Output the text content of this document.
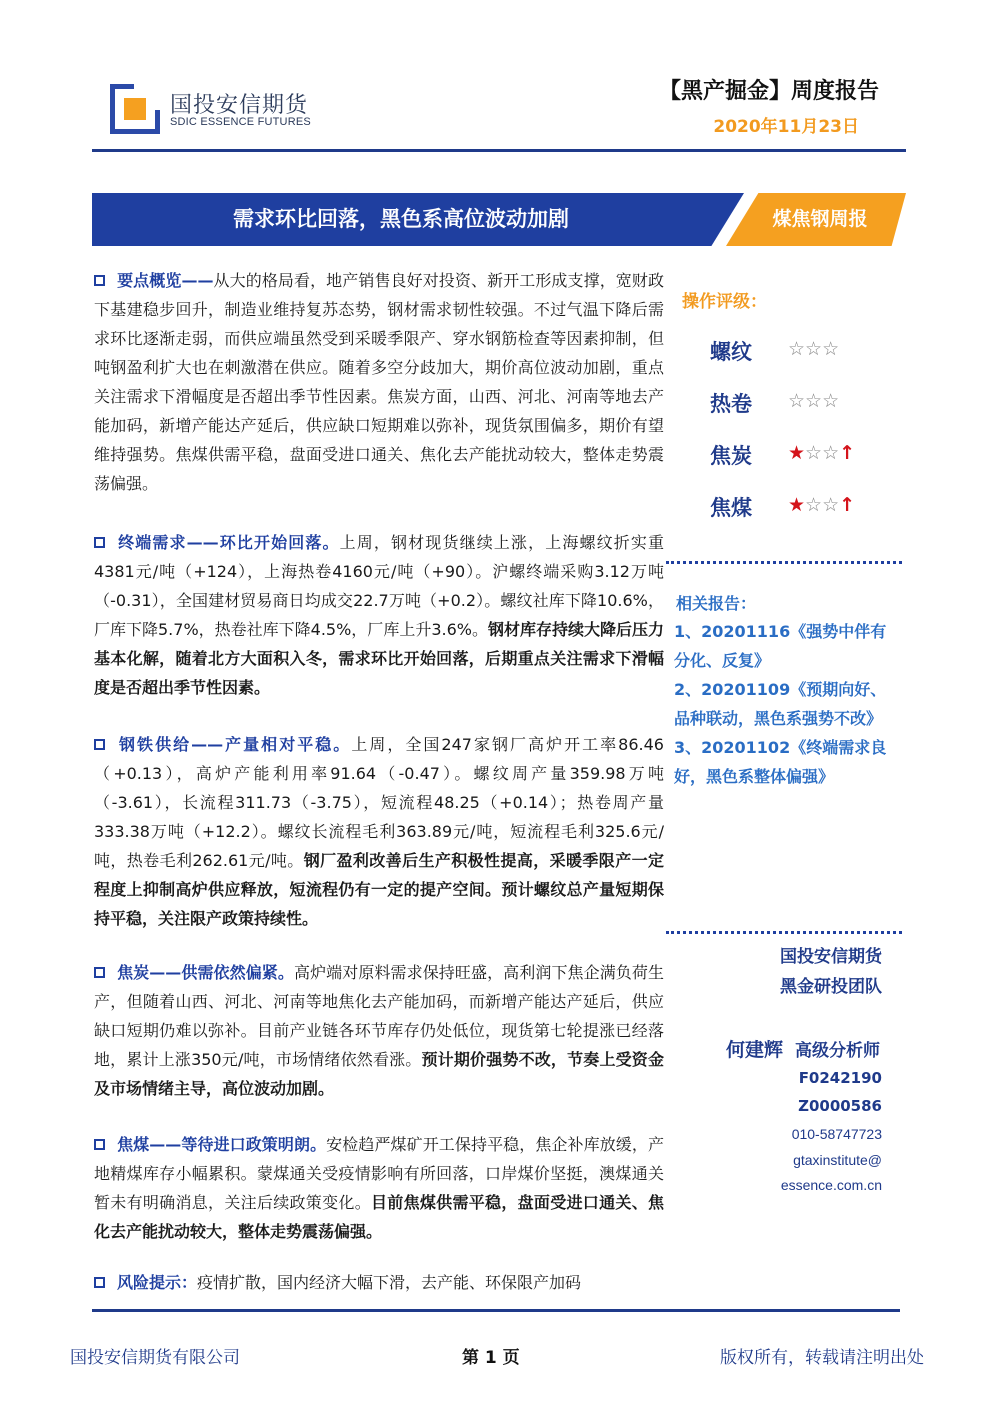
国投安信期货
SDIC ESSENCE FUTURES
【黑产掘金】周度报告
2020年11月23日
需求环比回落，黑色系高位波动加剧	煤焦钢周报
要点概览——从大的格局看，地产销售良好对投资、新开工形成支撑，宽财政下基建稳步回升，制造业维持复苏态势，钢材需求韧性较强。不过气温下降后需求环比逐渐走弱，而供应端虽然受到采暖季限产、穿水钢筋检查等因素抑制，但吨钢盈利扩大也在刺激潜在供应。随着多空分歧加大，期价高位波动加剧，重点关注需求下滑幅度是否超出季节性因素。焦炭方面，山西、河北、河南等地去产能加码，新增产能达产延后，供应缺口短期难以弥补，现货氛围偏多，期价有望维持强势。焦煤供需平稳，盘面受进口通关、焦化去产能扰动较大，整体走势震荡偏强。
终端需求——环比开始回落。上周，钢材现货继续上涨，上海螺纹折实重4381元/吨（+124），上海热卷4160元/吨（+90）。沪螺终端采购3.12万吨（-0.31），全国建材贸易商日均成交22.7万吨（+0.2）。螺纹社库下降10.6%，厂库下降5.7%，热卷社库下降4.5%，厂库上升3.6%。钢材库存持续大降后压力基本化解，随着北方大面积入冬，需求环比开始回落，后期重点关注需求下滑幅度是否超出季节性因素。
钢铁供给——产量相对平稳。上周，全国247家钢厂高炉开工率86.46（+0.13），高炉产能利用率91.64（-0.47）。螺纹周产量359.98万吨（-3.61），长流程311.73（-3.75），短流程48.25（+0.14）；热卷周产量333.38万吨（+12.2）。螺纹长流程毛利363.89元/吨，短流程毛利325.6元/吨，热卷毛利262.61元/吨。钢厂盈利改善后生产积极性提高，采暖季限产一定程度上抑制高炉供应释放，短流程仍有一定的提产空间。预计螺纹总产量短期保持平稳，关注限产政策持续性。
焦炭——供需依然偏紧。高炉端对原料需求保持旺盛，高利润下焦企满负荷生产，但随着山西、河北、河南等地焦化去产能加码，而新增产能达产延后，供应缺口短期仍难以弥补。目前产业链各环节库存仍处低位，现货第七轮提涨已经落地，累计上涨350元/吨，市场情绪依然看涨。预计期价强势不改，节奏上受资金及市场情绪主导，高位波动加剧。
焦煤——等待进口政策明朗。安检趋严煤矿开工保持平稳，焦企补库放缓，产地精煤库存小幅累积。蒙煤通关受疫情影响有所回落，口岸煤价坚挺，澳煤通关暂未有明确消息，关注后续政策变化。目前焦煤供需平稳，盘面受进口通关、焦化去产能扰动较大，整体走势震荡偏强。
风险提示：疫情扩散，国内经济大幅下滑，去产能、环保限产加码
操作评级：
螺纹 ☆☆☆
热卷 ☆☆☆
焦炭 ★☆☆↑
焦煤 ★☆☆↑
相关报告：
1、20201116《强势中伴有分化、反复》
2、20201109《预期向好、品种联动，黑色系强势不改》
3、20201102《终端需求良好，黑色系整体偏强》
国投安信期货
黑金研投团队
何建辉 高级分析师
F0242190
Z0000586
010-58747723
gtaxinstitute@
essence.com.cn
国投安信期货有限公司	第 1 页	版权所有，转载请注明出处
